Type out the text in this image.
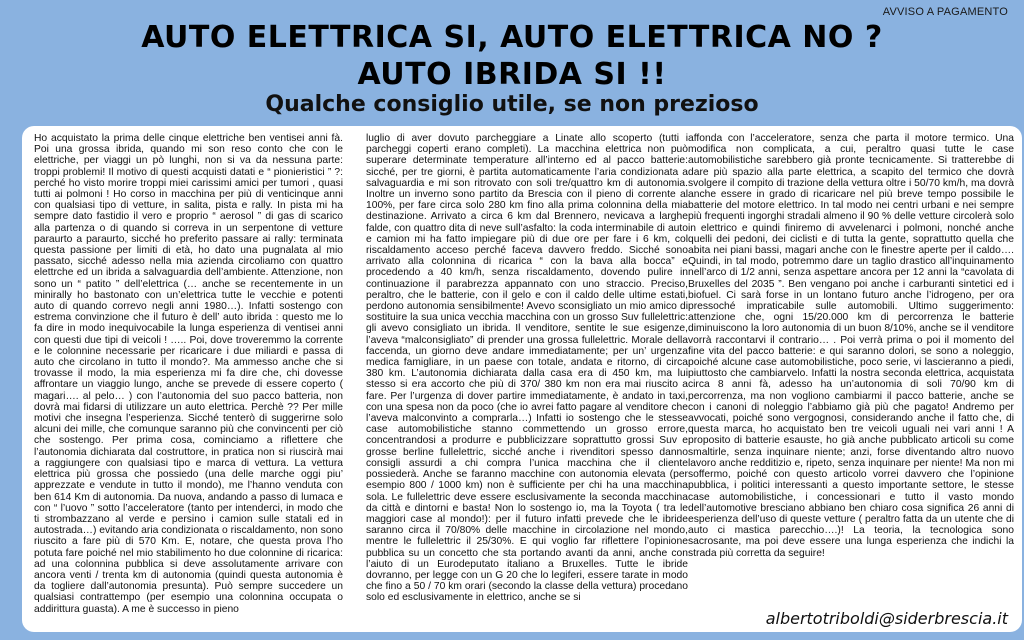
AVVISO A PAGAMENTO
AUTO ELETTRICA SI, AUTO ELETTRICA NO ?
AUTO IBRIDA SI !!
Qualche consiglio utile, se non prezioso

Ho acquistato la prima delle cinque elettriche ben ventisei anni fà. Poi una grossa ibrida, quando mi son reso conto che con le elettriche, per viaggi un pò lunghi, non si va da nessuna parte: troppi problemi! Il motivo di questi acquisti datati e “ pionieristici ” ?: perché ho visto morire troppi miei carissimi amici per tumori , quasi tutti ai polmoni ! Ho corso in macchina per più di venticinque anni con qualsiasi tipo di vetture, in salita, pista e rally. In pista mi ha sempre dato fastidio il vero e proprio “ aerosol ” di gas di scarico alla partenza o di quando si correva in un serpentone di vetture paraurto a paraurto, sicché ho preferito passare ai rally: terminata questa passione per limiti di età, ho dato una pugnalata al mio passato, sicché adesso nella mia azienda circoliamo con quattro elettrche ed un ibrida a salvaguardia dell’ambiente. Attenzione, non sono un “ patito ” dell’elettrica (… anche se recentemente in un minirally ho bastonato con un’elettrica tutte le vecchie e potenti auto di quando correvo negli anni 1980…). Infatti sostengo con estrema convinzione che il futuro è dell’ auto ibrida : questo me lo fa dire in modo inequivocabile la lunga esperienza di ventisei anni con questi due tipi di veicoli ! ….. Poi, dove troveremmo la corrente e le colonnine necessarie per ricaricare i due miliardi e passa di auto che circolano in tutto il mondo?. Ma ammesso anche che si trovasse il modo, la mia esperienza mi fa dire che, chi dovesse affrontare un viaggio lungo, anche se prevede di essere coperto ( magari…. al pelo… ) con l’autonomia del suo pacco batteria, non dovrà mai fidarsi di utilizzare un auto elettrica. Perchè ?? Per mille motivi che insegna l’esperienza. Sicché tenterò di suggerirne solo alcuni dei mille, che comunque saranno più che convincenti per ciò che sostengo. Per prima cosa, cominciamo a riflettere che l’autonomia dichiarata dal costruttore, in pratica non si riuscirà mai a raggiungere con qualsiasi tipo e marca di vettura. La vettura elettrica più grossa che possiedo (una delle marche oggi piu’ apprezzate e vendute in tutto il mondo), me l’hanno venduta con ben 614 Km di autonomia. Da nuova, andando a passo di lumaca e con “ l’uovo ” sotto l’acceleratore (tanto per intenderci, in modo che ti strombazzano al verde e persino i camion sulle statali ed in autostrada…) evitando aria condizionata o riscaldamento, non sono riuscito a fare più di 570 Km. E, notare, che questa prova l’ho potuta fare poiché nel mio stabilimento ho due colonnine di ricarica: ad una colonnina pubblica si deve assolutamente arrivare con ancora venti / trenta km di autonomia (quindi questa autonomia è da togliere dall’autonomia presunta). Può sempre succedere un qualsiasi contrattempo (per esempio una colonnina occupata o addirittura guasta). A me è successo in pieno

luglio di aver dovuto parcheggiare a Linate allo scoperto (tutti i parcheggi coperti erano completi). La macchina elettrica non può superare determinate temperature all’interno ed al pacco batterie: sicché, per tre giorni, è partita automaticamente l’aria condizionata a salvaguardia e mi son ritrovato con soli tre/quattro km di autonomia. Inoltre un inverno sono partito da Brescia con il pieno di corrente al 100%, per fare circa solo 280 km fino alla prima colonnina della mia destinazione. Arrivato a circa 6 km dal Brennero, nevicava a larghe falde, con quattro dita di neve sull’asfalto: la coda interminabile di auto e camion mi ha fatto impiegare più di due ore per fare i 6 km, col riscaldamento acceso perché faceva davvero freddo. Sicché sono arrivato alla colonnina di ricarica “ con la bava alla bocca” e procedendo a 40 km/h, senza riscaldamento, dovendo pulire in continuazione il parabrezza appannato con uno straccio. Preciso, peraltro, che le batterie, con il gelo e con il caldo delle ultime estati, perdono autonomia sensibilmente! Avevo sconsigliato un mio amico di sostituire la sua unica vecchia macchina con un grosso Suv fullelettric: gli avevo consigliato un ibrida. Il venditore, sentite le sue esigenze, l’aveva “malconsigliato” di prender una grossa fullelettric. Morale della faccenda, un giorno deve andare immediatamente; per un’ urgenza medica famigliare, in un paese con totale, andata e ritorno, di circa 380 km. L’autonomia dichiarata dalla casa era di 450 km, ma lui stesso si era accorto che più di 370/ 380 km non era mai riuscito a fare. Per l’urgenza di dover partire immediatamente, è andato in taxi, con una spesa non da poco (che io avrei fatto pagare al venditore che l’aveva malconvinto a comprarla…) Infatti io sostengo che le stesse case automobilistiche stanno commettendo un grosso errore, concentrandosi a produrre e pubblicizzare soprattutto grossi Suv e grosse berline fullelettric, sicché anche i rivenditori spesso danno consigli assurdi a chi compra l’unica macchina che il cliente possiederà. Anche se faranno macchine con autonomia elevata (per esempio 800 / 1000 km) non è sufficiente per chi ha una macchina sola. Le fullelettric deve essere esclusivamente la seconda macchina da città e dintorni e basta! Non lo sostengo io, ma la Toyota ( tra le maggiori case al mondo!): per il futuro infatti prevede che le ibride saranno circa il 70/80% delle macchine in circolazione nel mondo, mentre le fullelettric il 25/30%. E qui voglio far riflettere l’opinione pubblica su un concetto che sta portando avanti da anni, anche con l’aiuto di un Eurodeputato italiano a Bruxelles. Tutte le ibride dovranno, per legge con un G 20 che lo legiferi, essere tarate in modo che fino a 50 / 70 km orari (secondo la classe della vettura) procedano solo ed esclusivamente in elettrico, anche se si

affonda con l’acceleratore, senza che parta il motore termico. Una modifica non complicata, a cui, peraltro quasi tutte le case automobilistiche sarebbero già pronte tecnicamente. Si tratterebbe di dare più spazio alla parte elettrica, a scapito del termico che dovrà svolgere il compito di trazione della vettura oltre i 50/70 km/h, ma dovrà anche essere in grado di ricaricare nel più breve tempo possibile le batterie del motore elettrico. In tal modo nei centri urbani e nei sempre più frequenti ingorghi stradali almeno il 90 % delle vetture circolerà solo in elettrico e quindi finiremo di avvelenarci i polmoni, nonché anche quelli dei pedoni, dei ciclisti e di tutta la gente, soprattutto quella che abita nei piani bassi, magari anche con le finestre aperte per il caldo…. Quindi, in tal modo, potremmo dare un taglio drastico all’inquinamento nell’arco di 1/2 anni, senza aspettare ancora per 12 anni la “cavolata di Bruxelles del 2035 ”. Ben vengano poi anche i carburanti sintetici ed i biofuel. Ci sarà forse in un lontano futuro anche l’idrogeno, per ora pressoché impraticabile sulle automobili. Ultimo suggerimento: attenzione che, ogni 15/20.000 km di percorrenza le batterie diminuiscono la loro autonomia di un buon 8/10%, anche se il venditore vorrà raccontarvi il contrario… . Poi verrà prima o poi il momento del fine vita del pacco batterie: e qui saranno dolori, se sono a noleggio, poiché alcune case automobilistiche, poco serie, vi lascieranno a piedi, piuttosto che cambiarvelo. Infatti la nostra seconda elettrica, acquistata circa 8 anni fà, adesso ha un’autonomia di soli 70/90 km di percorrenza, ma non vogliono cambiarmi il pacco batterie, anche se con i canoni di noleggio l’abbiamo già più che pagato! Andremo per avvocati, poiché sono vergognosi, considerando anche il fatto che, di questa marca, ho acquistato ben tre veicoli uguali nei vari anni ! A proposito di batterie esauste, ho già anche pubblicato articoli su come smaltirle, senza inquinare niente; anzi, forse diventando altro nuovo lavoro anche redditizio e, ripeto, senza inquinare per niente! Ma non mi soffermo, poiché con questo articolo vorrei davvero che l’opinione pubblica, i politici interessanti a questo importante settore, le stesse case automobilistiche, i concessionari e tutto il vasto mondo dell’automotive bresciano abbiano ben chiaro cosa significa 26 anni di esperienza dell’uso di queste vetture ( peraltro fatta da un utente che di auto ci mastica parecchio….)! La teoria, la tecnologica sono sacrosante, ma poi deve essere una lunga esperienza che indichi la strada più corretta da seguire!

albertotriboldi@siderbrescia.it
